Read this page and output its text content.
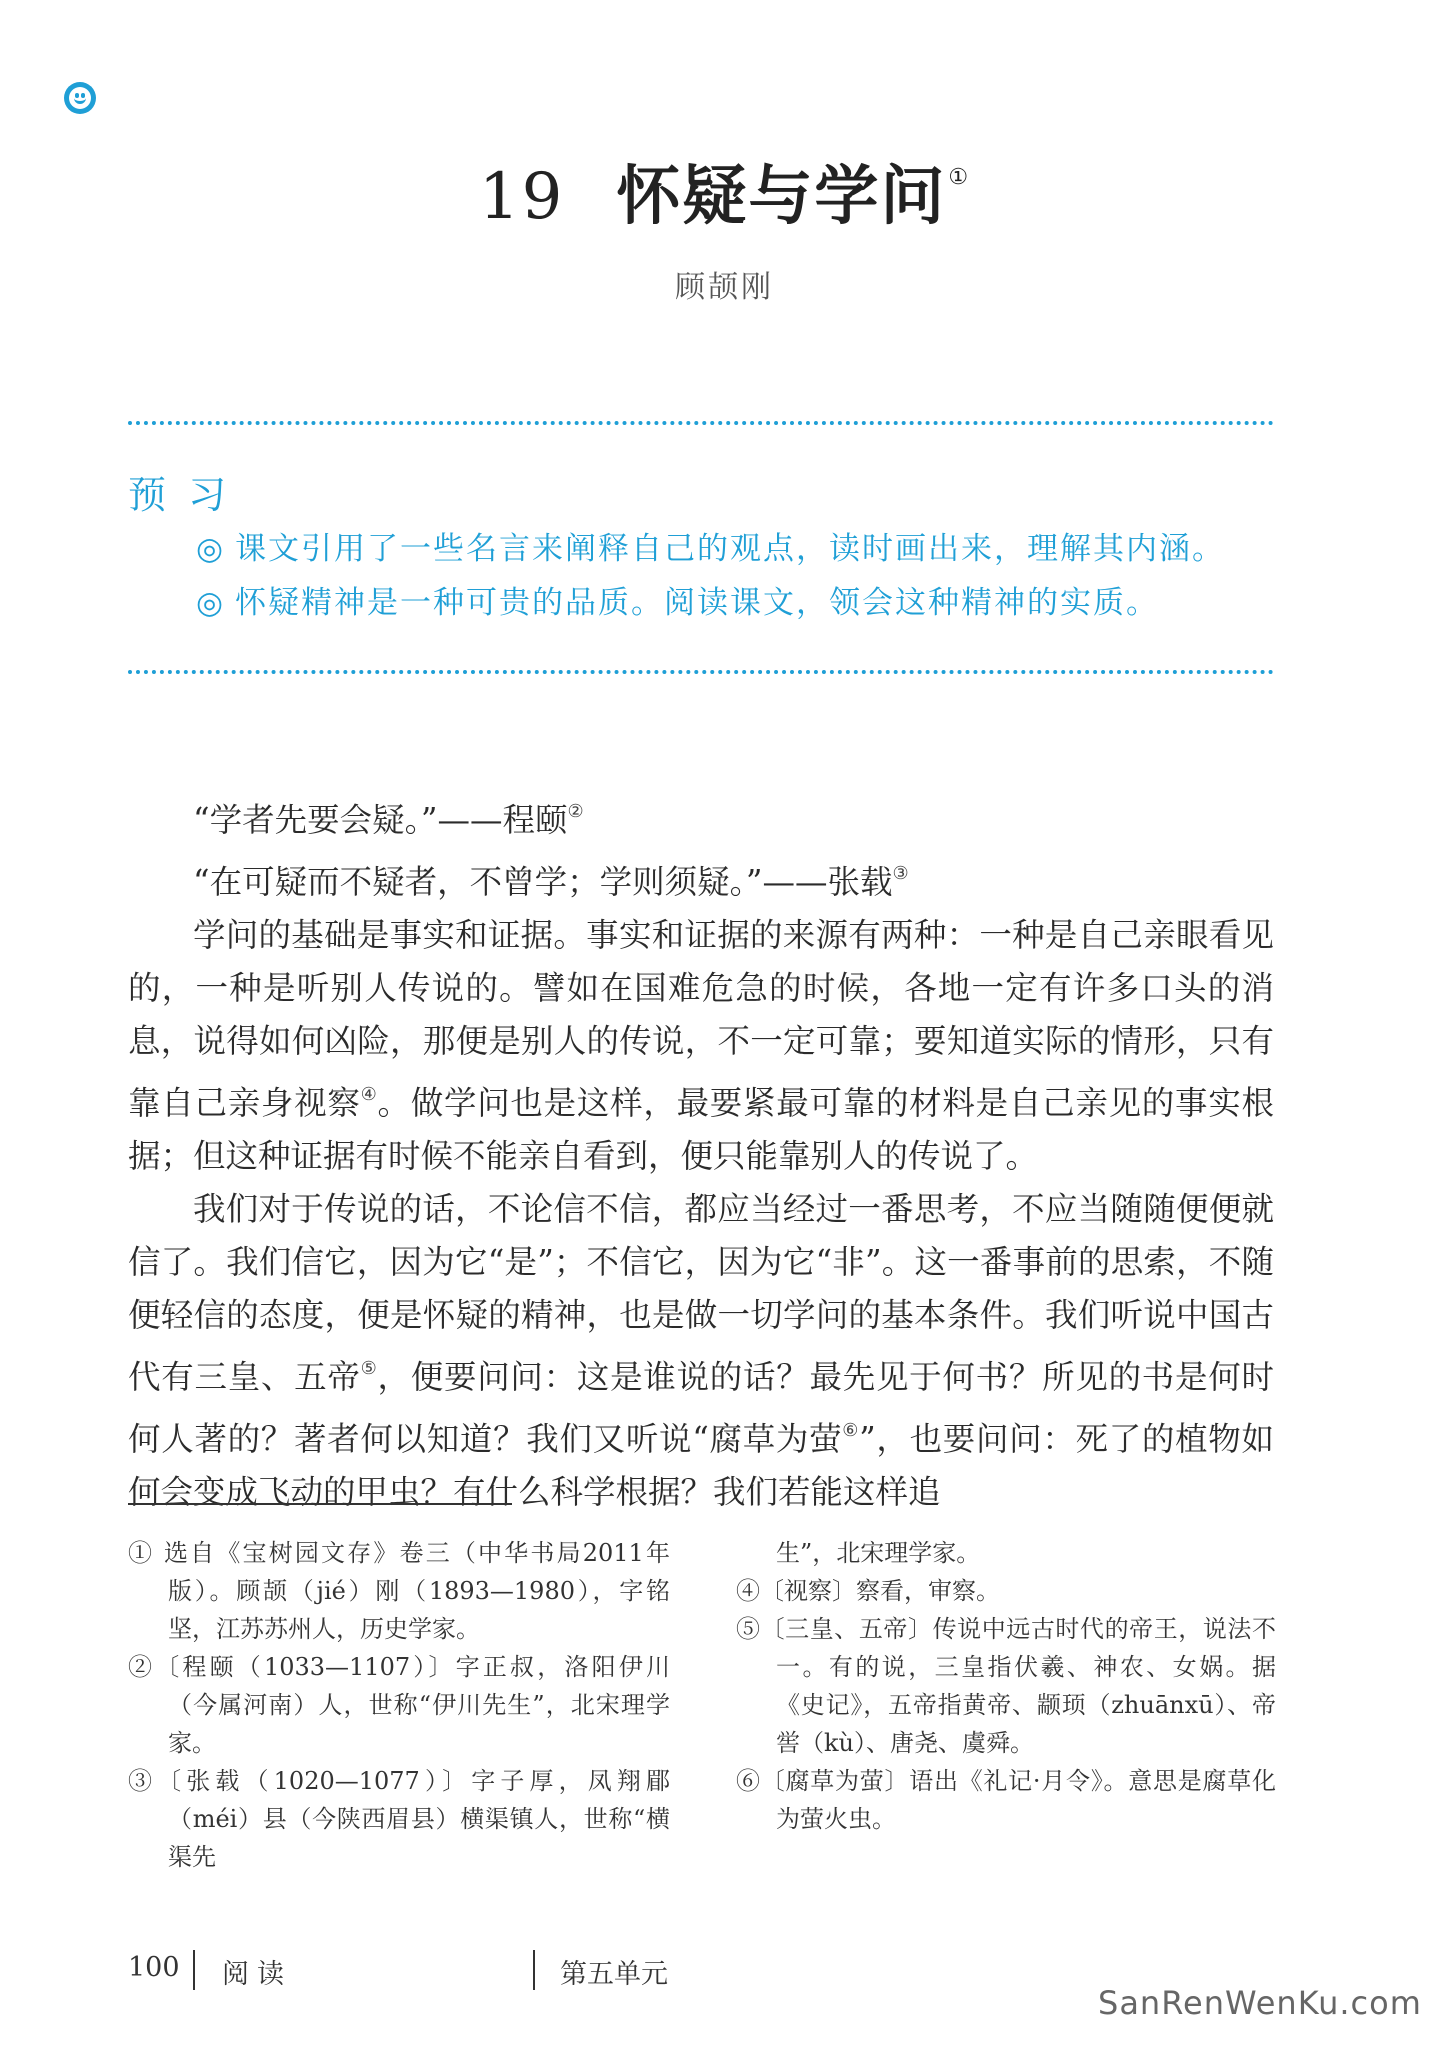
19 怀疑与学问①
顾颉刚
预习
◎ 课文引用了一些名言来阐释自己的观点，读时画出来，理解其内涵。
◎ 怀疑精神是一种可贵的品质。阅读课文，领会这种精神的实质。

“学者先要会疑。”——程颐②

“在可疑而不疑者，不曾学；学则须疑。”——张载③

学问的基础是事实和证据。事实和证据的来源有两种：一种是自己亲眼看见的，一种是听别人传说的。譬如在国难危急的时候，各地一定有许多口头的消息，说得如何凶险，那便是别人的传说，不一定可靠；要知道实际的情形，只有靠自己亲身视察④。做学问也是这样，最要紧最可靠的材料是自己亲见的事实根据；但这种证据有时候不能亲自看到，便只能靠别人的传说了。

我们对于传说的话，不论信不信，都应当经过一番思考，不应当随随便便就信了。我们信它，因为它“是”；不信它，因为它“非”。这一番事前的思索，不随便轻信的态度，便是怀疑的精神，也是做一切学问的基本条件。我们听说中国古代有三皇、五帝⑤，便要问问：这是谁说的话？最先见于何书？所见的书是何时何人著的？著者何以知道？我们又听说“腐草为萤⑥”，也要问问：死了的植物如何会变成飞动的甲虫？有什么科学根据？我们若能这样追

① 选自《宝树园文存》卷三（中华书局2011年版）。顾颉（jié）刚（1893—1980），字铭坚，江苏苏州人，历史学家。
②〔程颐（1033—1107）〕字正叔，洛阳伊川（今属河南）人，世称“伊川先生”，北宋理学家。
③〔张载（1020—1077）〕字子厚，凤翔郿（méi）县（今陕西眉县）横渠镇人，世称“横渠先
生”，北宋理学家。
④〔视察〕察看，审察。
⑤〔三皇、五帝〕传说中远古时代的帝王，说法不一。有的说，三皇指伏羲、神农、女娲。据《史记》，五帝指黄帝、颛顼（zhuānxū）、帝喾（kù）、唐尧、虞舜。
⑥〔腐草为萤〕语出《礼记·月令》。意思是腐草化为萤火虫。
100 阅读	第五单元
SanRenWenKu.com
